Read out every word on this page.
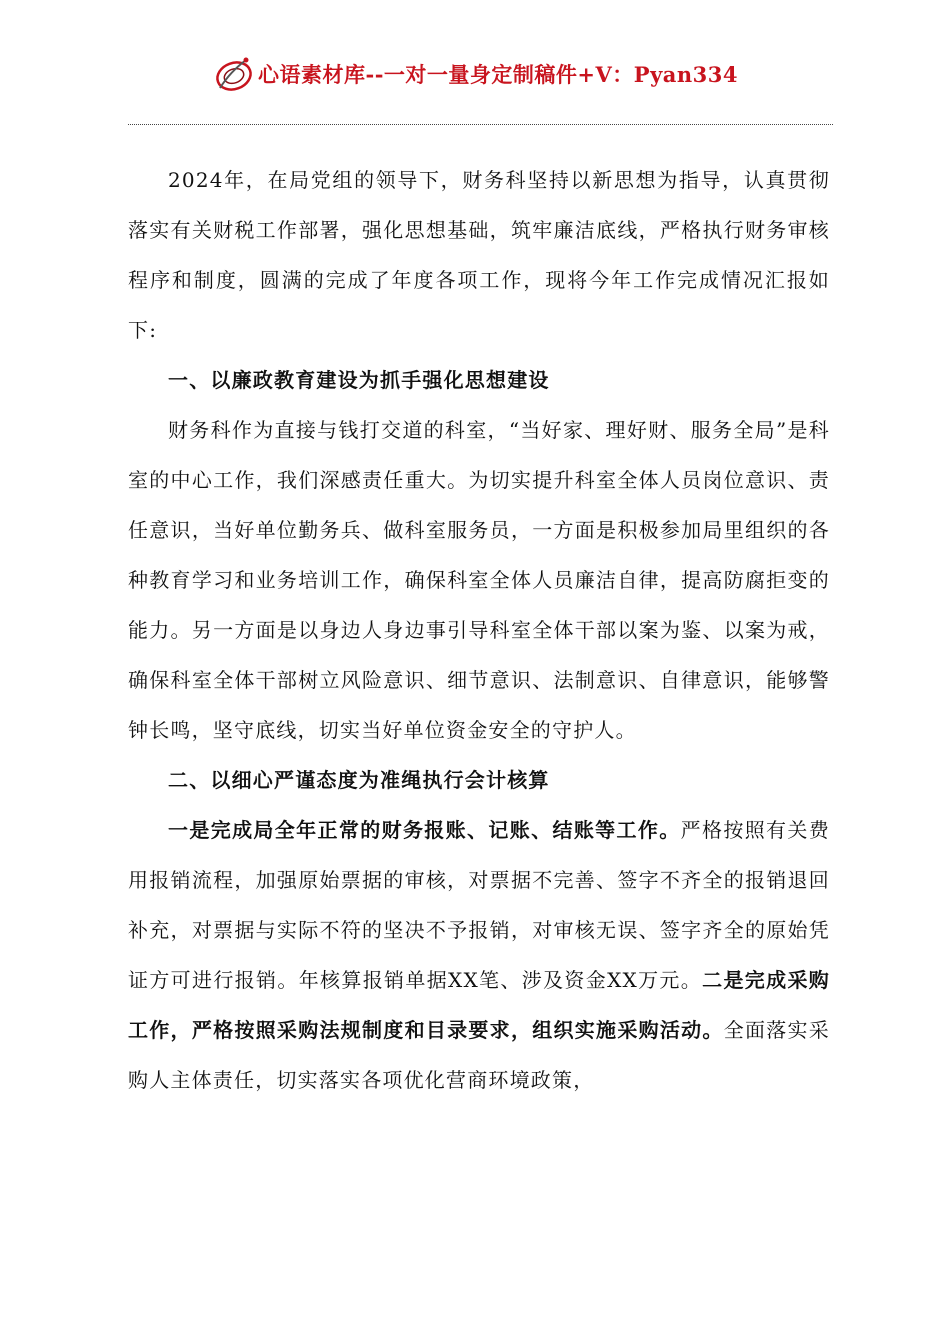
心语素材库--一对一量身定制稿件+V：Pyan334

2024年，在局党组的领导下，财务科坚持以新思想为指导，认真贯彻落实有关财税工作部署，强化思想基础，筑牢廉洁底线，严格执行财务审核程序和制度，圆满的完成了年度各项工作，现将今年工作完成情况汇报如下:

一、以廉政教育建设为抓手强化思想建设

财务科作为直接与钱打交道的科室，“当好家、理好财、服务全局”是科室的中心工作，我们深感责任重大。为切实提升科室全体人员岗位意识、责任意识，当好单位勤务兵、做科室服务员，一方面是积极参加局里组织的各种教育学习和业务培训工作，确保科室全体人员廉洁自律，提高防腐拒变的能力。另一方面是以身边人身边事引导科室全体干部以案为鉴、以案为戒，确保科室全体干部树立风险意识、细节意识、法制意识、自律意识，能够警钟长鸣，坚守底线，切实当好单位资金安全的守护人。

二、以细心严谨态度为准绳执行会计核算

一是完成局全年正常的财务报账、记账、结账等工作。严格按照有关费用报销流程，加强原始票据的审核，对票据不完善、签字不齐全的报销退回补充，对票据与实际不符的坚决不予报销，对审核无误、签字齐全的原始凭证方可进行报销。年核算报销单据XX笔、涉及资金XX万元。二是完成采购工作，严格按照采购法规制度和目录要求，组织实施采购活动。全面落实采购人主体责任，切实落实各项优化营商环境政策，
